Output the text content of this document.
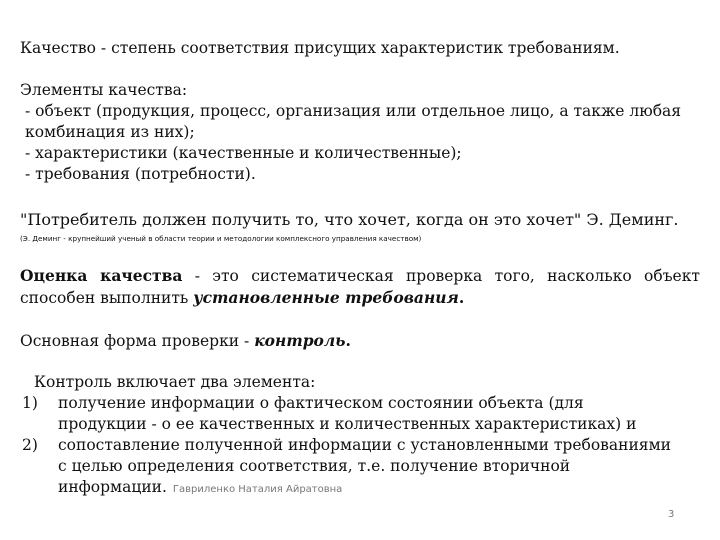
Качество - степень соответствия присущих характеристик требованиям.

Элементы качества:

- объект (продукция, процесс, организация или отдельное лицо, а также любая комбинация из них);

- характеристики (качественные и количественные);

- требования (потребности).

"Потребитель должен получить то, что хочет, когда он это хочет" Э. Деминг.

(Э. Деминг - крупнейший ученый в области теории и методологии комплексного управления качеством)

Оценка качества - это систематическая проверка того, насколько объект способен выполнить установленные требования.

Основная форма проверки - контроль.

Контроль включает два элемента:

1) получение информации о фактическом состоянии объекта (для продукции - о ее качественных и количественных характеристиках) и
2) сопоставление полученной информации с установленными требованиями с целью определения соответствия, т.е. получение вторичной информации. Гавриленко Наталия Айратовна
3
